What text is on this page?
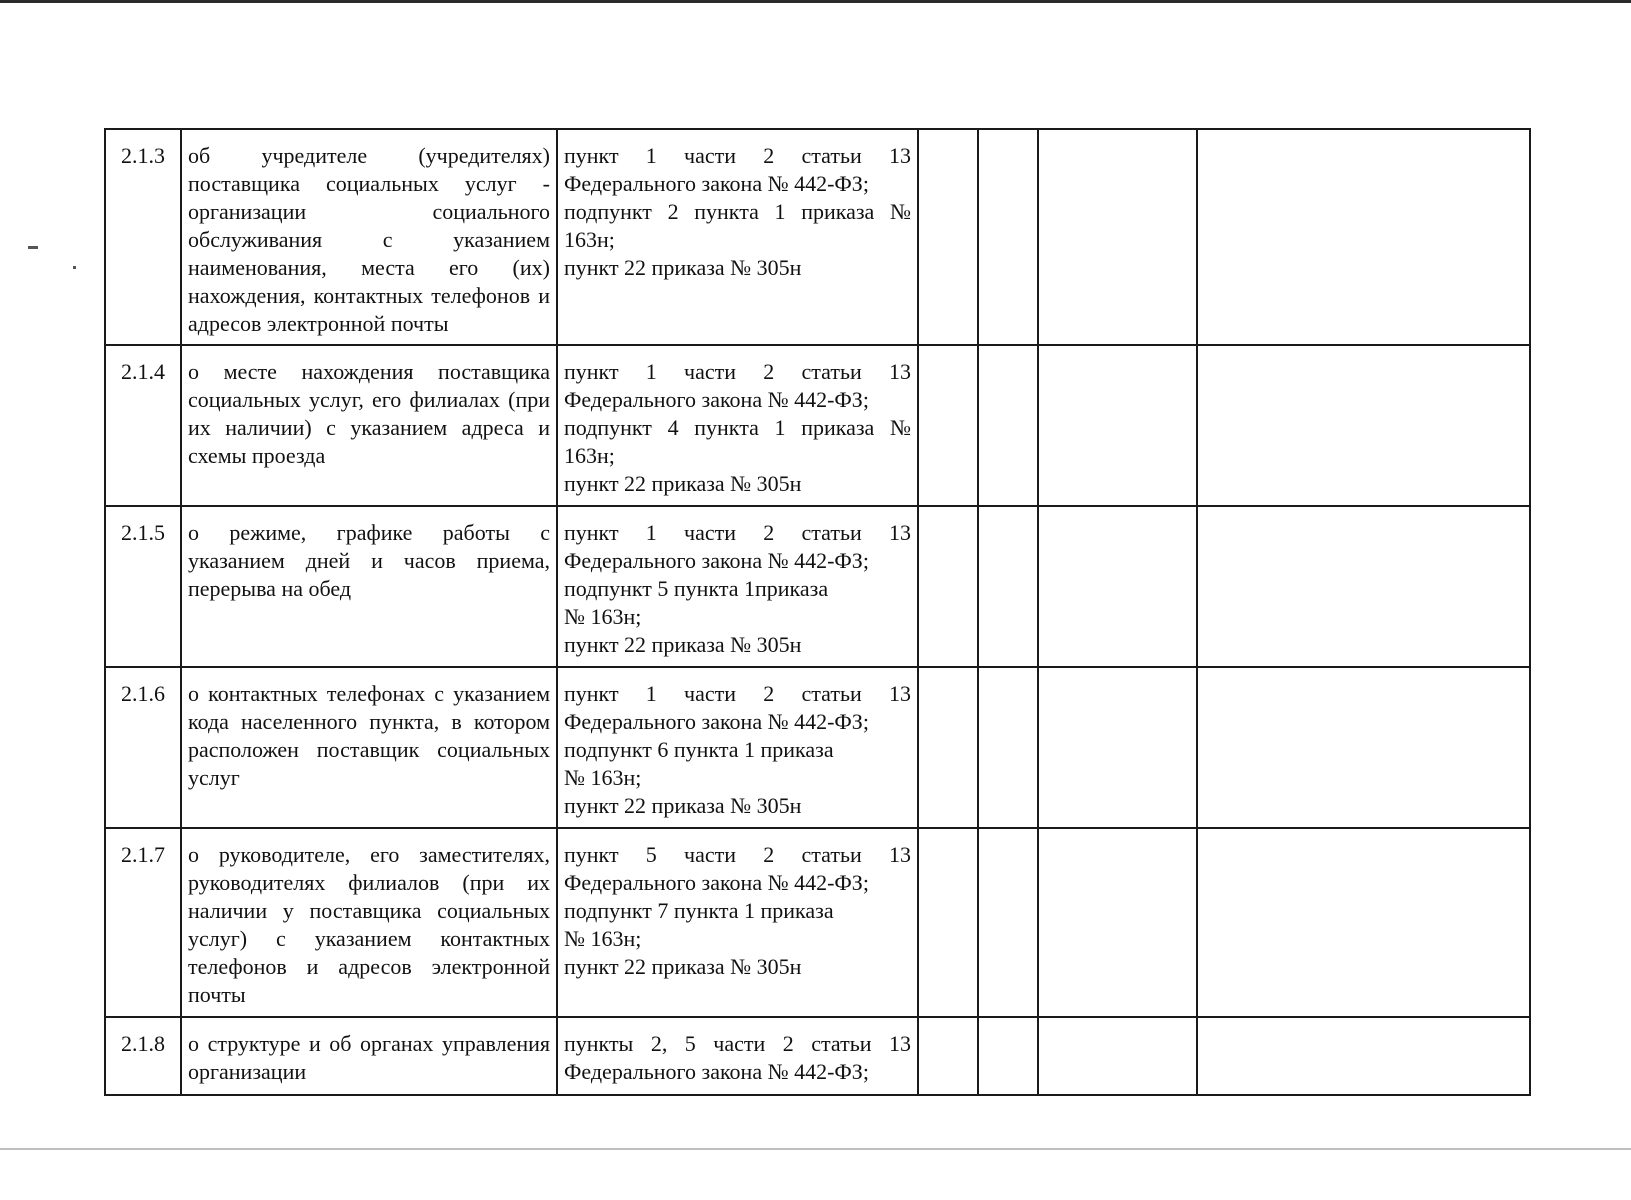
2.1.3	об учредителе (учредителях) поставщика социальных услуг - организации социального обслуживания с указанием наименования, места его (их) нахождения, контактных телефонов и адресов электронной почты	пункт 1 части 2 статьи 13 Федерального закона № 442-ФЗ;
подпункт 2 пункта 1 приказа № 163н;
пункт 22 приказа № 305н				

2.1.4	о месте нахождения поставщика социальных услуг, его филиалах (при их наличии) с указанием адреса и схемы проезда	пункт 1 части 2 статьи 13 Федерального закона № 442-ФЗ;
подпункт 4 пункта 1 приказа № 163н;
пункт 22 приказа № 305н				

2.1.5	о режиме, графике работы с указанием дней и часов приема, перерыва на обед	пункт 1 части 2 статьи 13 Федерального закона № 442-ФЗ;
подпункт 5 пункта 1приказа
№ 163н;
пункт 22 приказа № 305н				

2.1.6	о контактных телефонах с указанием кода населенного пункта, в котором расположен поставщик социальных услуг	пункт 1 части 2 статьи 13 Федерального закона № 442-ФЗ;
подпункт 6 пункта 1 приказа
№ 163н;
пункт 22 приказа № 305н				

2.1.7	о руководителе, его заместителях, руководителях филиалов (при их наличии у поставщика социальных услуг) с указанием контактных телефонов и адресов электронной почты	пункт 5 части 2 статьи 13 Федерального закона № 442-ФЗ;
подпункт 7 пункта 1 приказа
№ 163н;
пункт 22 приказа № 305н				

2.1.8	о структуре и об органах управления организации	пункты 2, 5 части 2 статьи 13 Федерального закона № 442-ФЗ;				
